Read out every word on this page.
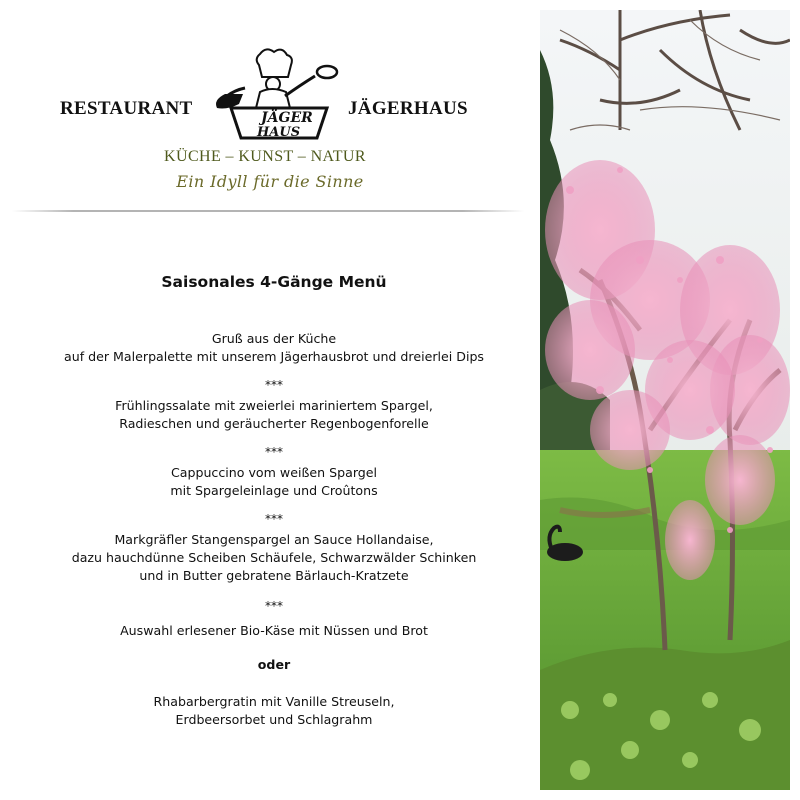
RESTAURANT	JÄGER
HAUS
JÄGERHAUS
KÜCHE – KUNST – NATUR
Ein Idyll für die Sinne
Saisonales 4-Gänge Menü
Gruß aus der Küche
auf der Malerpalette mit unserem Jägerhausbrot und dreierlei Dips
***
Frühlingssalate mit zweierlei mariniertem Spargel,
Radieschen und geräucherter Regenbogenforelle
***
Cappuccino vom weißen Spargel
mit Spargeleinlage und Croûtons
***
Markgräfler Stangenspargel an Sauce Hollandaise,
dazu hauchdünne Scheiben Schäufele, Schwarzwälder Schinken
und in Butter gebratene Bärlauch-Kratzete
***
Auswahl erlesener Bio-Käse mit Nüssen und Brot
oder
Rhabarbergratin mit Vanille Streuseln,
Erdbeersorbet und Schlagrahm
